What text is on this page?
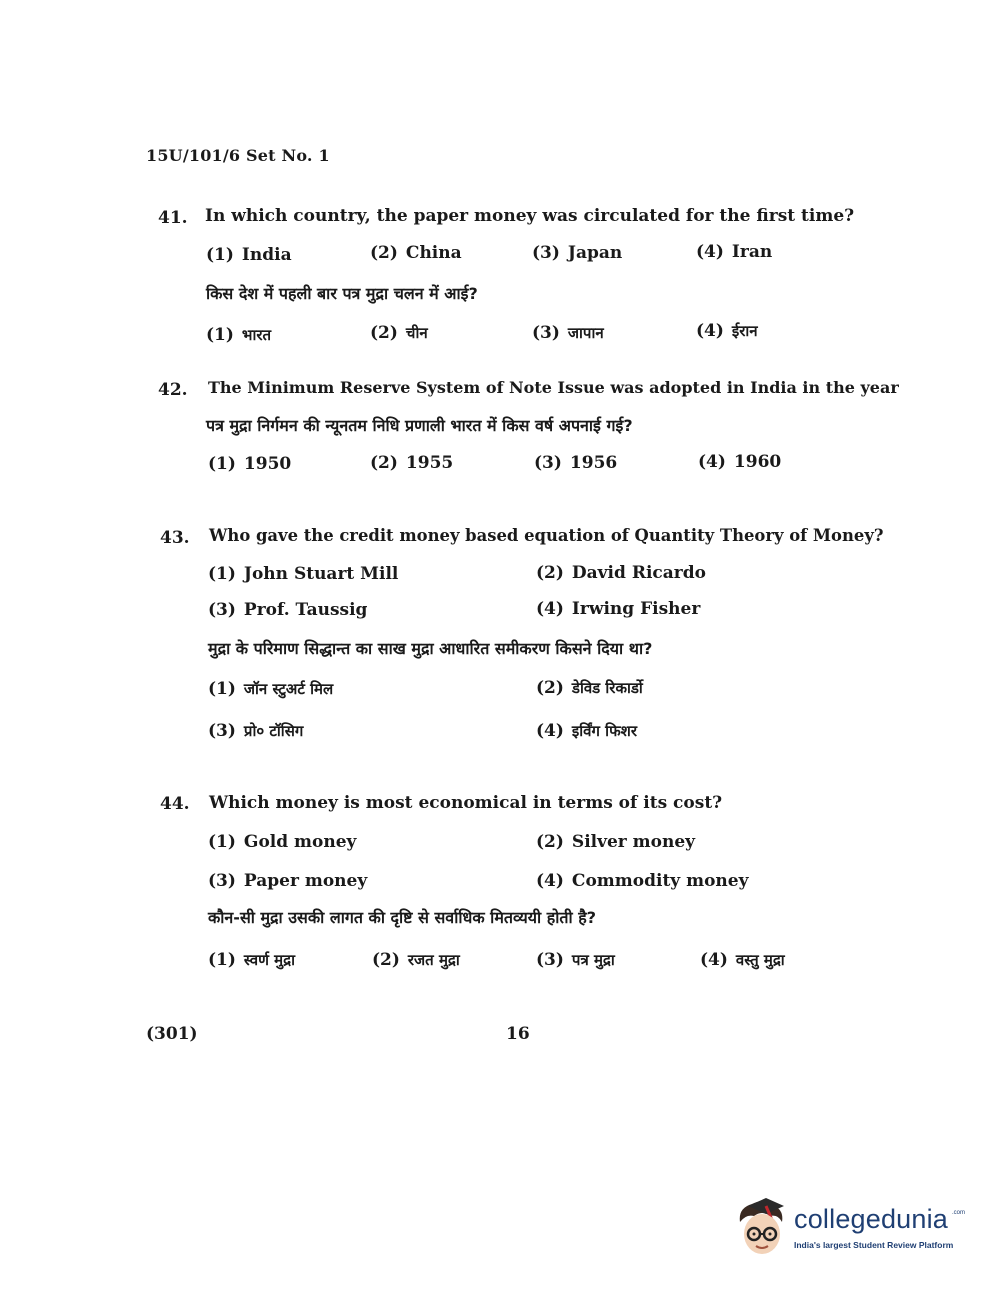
15U/101/6 Set No. 1
41. In which country, the paper money was circulated for the first time?
(1) India	(2) China	(3) Japan	(4) Iran
किस देश में पहली बार पत्र मुद्रा चलन में आई?
(1) भारत	(2) चीन	(3) जापान	(4) ईरान
42. The Minimum Reserve System of Note Issue was adopted in India in the year
पत्र मुद्रा निर्गमन की न्यूनतम निधि प्रणाली भारत में किस वर्ष अपनाई गई?
(1) 1950	(2) 1955	(3) 1956	(4) 1960
43. Who gave the credit money based equation of Quantity Theory of Money?
(1) John Stuart Mill	(2) David Ricardo
(3) Prof. Taussig	(4) Irwing Fisher
मुद्रा के परिमाण सिद्धान्त का साख मुद्रा आधारित समीकरण किसने दिया था?
(1) जॉन स्टुअर्ट मिल	(2) डेविड रिकार्डो
(3) प्रो० टॉसिग	(4) इर्विंग फिशर
44. Which money is most economical in terms of its cost?
(1) Gold money	(2) Silver money
(3) Paper money	(4) Commodity money
कौन-सी मुद्रा उसकी लागत की दृष्टि से सर्वाधिक मितव्ययी होती है?
(1) स्वर्ण मुद्रा	(2) रजत मुद्रा	(3) पत्र मुद्रा	(4) वस्तु मुद्रा
(301)	16
collegedunia .com
India's largest Student Review Platform
